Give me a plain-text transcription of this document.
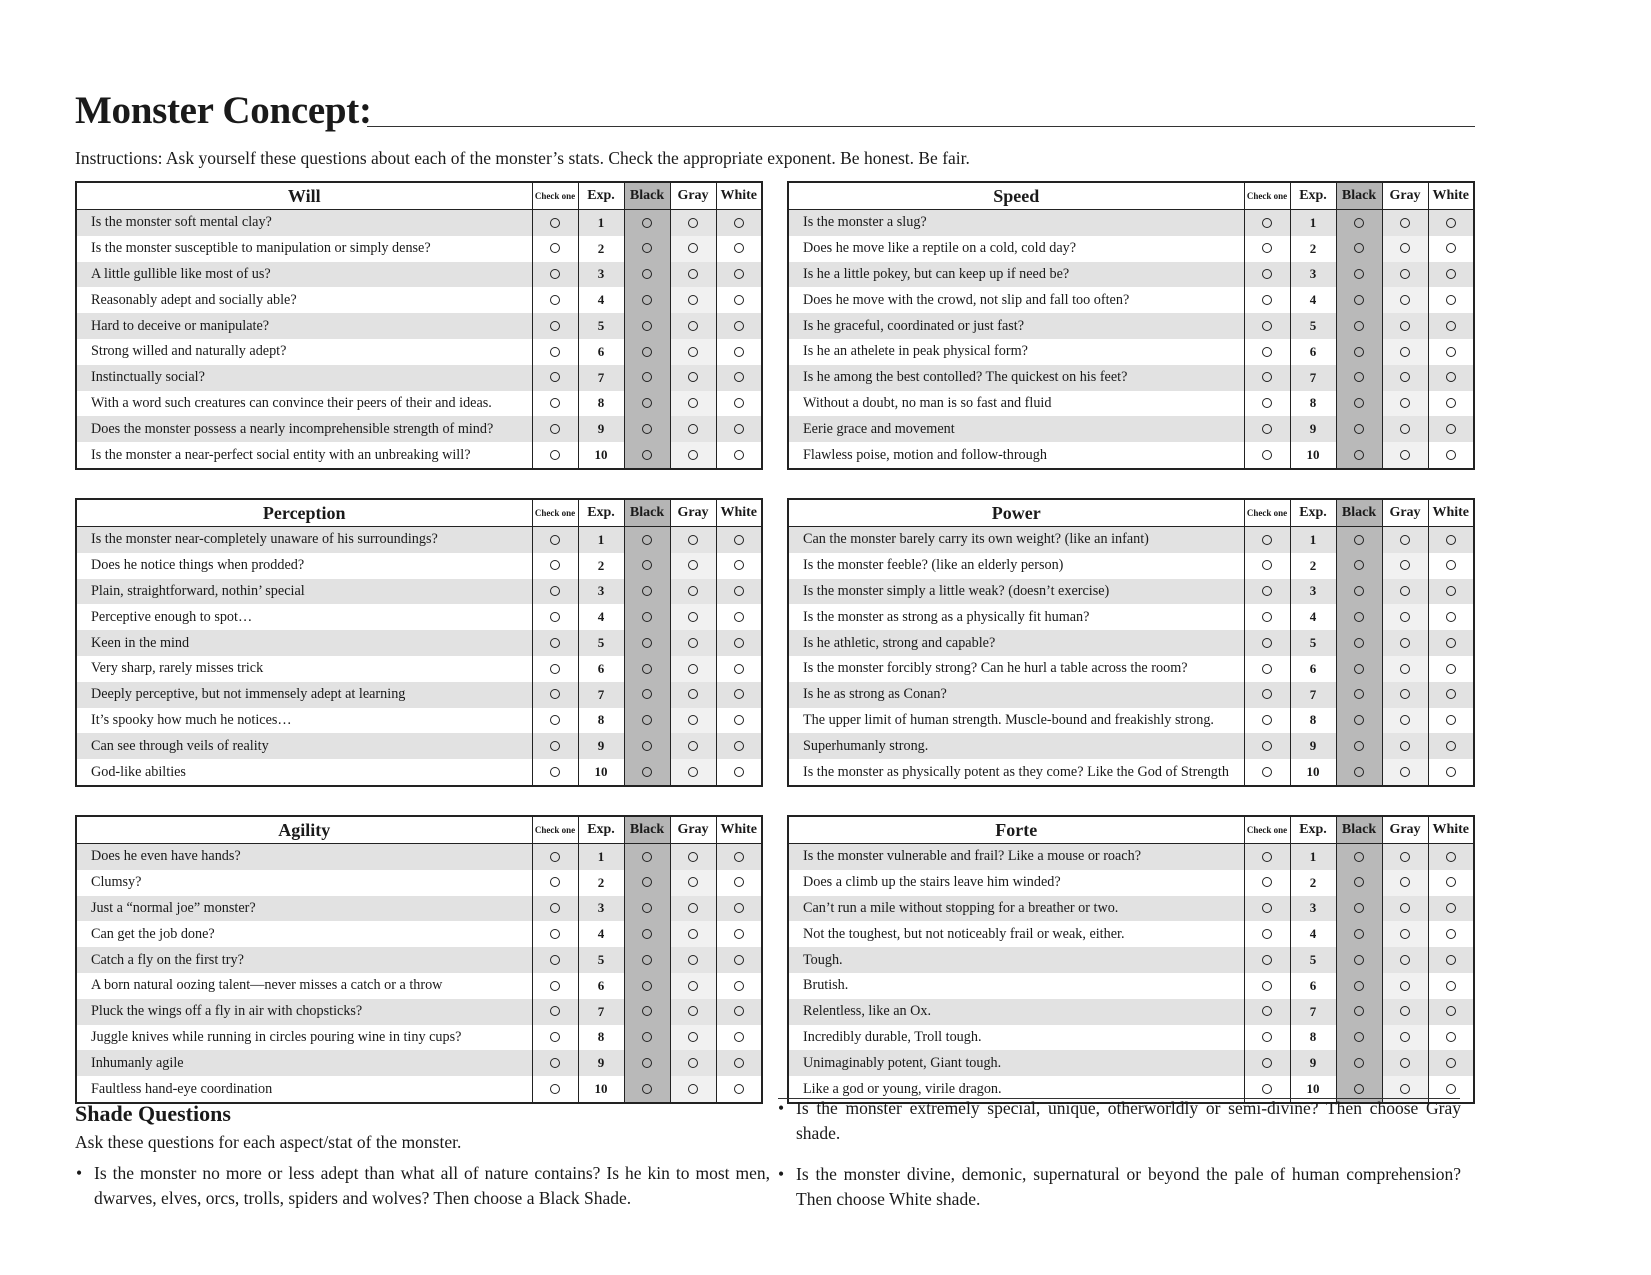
Monster Concept:
Instructions: Ask yourself these questions about each of the monster’s stats. Check the appropriate exponent. Be honest. Be fair.
Will	Check one	Exp.	Black	Gray	White
Is the monster soft mental clay?		1			
Is the monster susceptible to manipulation or simply dense?		2			
A little gullible like most of us?		3			
Reasonably adept and socially able?		4			
Hard to deceive or manipulate?		5			
Strong willed and naturally adept?		6			
Instinctually social?		7			
With a word such creatures can convince their peers of their and ideas.		8			
Does the monster possess a nearly incomprehensible strength of mind?		9			
Is the monster a near-perfect social entity with an unbreaking will?		10			
Speed	Check one	Exp.	Black	Gray	White
Is the monster a slug?		1			
Does he move like a reptile on a cold, cold day?		2			
Is he a little pokey, but can keep up if need be?		3			
Does he move with the crowd, not slip and fall too often?		4			
Is he graceful, coordinated or just fast?		5			
Is he an athelete in peak physical form?		6			
Is he among the best contolled? The quickest on his feet?		7			
Without a doubt, no man is so fast and fluid		8			
Eerie grace and movement		9			
Flawless poise, motion and follow-through		10			
Perception	Check one	Exp.	Black	Gray	White
Is the monster near-completely unaware of his surroundings?		1			
Does he notice things when prodded?		2			
Plain, straightforward, nothin’ special		3			
Perceptive enough to spot…		4			
Keen in the mind		5			
Very sharp, rarely misses trick		6			
Deeply perceptive, but not immensely adept at learning		7			
It’s spooky how much he notices…		8			
Can see through veils of reality		9			
God-like abilties		10			
Power	Check one	Exp.	Black	Gray	White
Can the monster barely carry its own weight? (like an infant)		1			
Is the monster feeble? (like an elderly person)		2			
Is the monster simply a little weak? (doesn’t exercise)		3			
Is the monster as strong as a physically fit human?		4			
Is he athletic, strong and capable?		5			
Is the monster forcibly strong? Can he hurl a table across the room?		6			
Is he as strong as Conan?		7			
The upper limit of human strength. Muscle-bound and freakishly strong.		8			
Superhumanly strong.		9			
Is the monster as physically potent as they come? Like the God of Strength		10			
Agility	Check one	Exp.	Black	Gray	White
Does he even have hands?		1			
Clumsy?		2			
Just a “normal joe” monster?		3			
Can get the job done?		4			
Catch a fly on the first try?		5			
A born natural oozing talent—never misses a catch or a throw		6			
Pluck the wings off a fly in air with chopsticks?		7			
Juggle knives while running in circles pouring wine in tiny cups?		8			
Inhumanly agile		9			
Faultless hand-eye coordination		10			
Forte	Check one	Exp.	Black	Gray	White
Is the monster vulnerable and frail? Like a mouse or roach?		1			
Does a climb up the stairs leave him winded?		2			
Can’t run a mile without stopping for a breather or two.		3			
Not the toughest, but not noticeably frail or weak, either.		4			
Tough.		5			
Brutish.		6			
Relentless, like an Ox.		7			
Incredibly durable, Troll tough.		8			
Unimaginably potent, Giant tough.		9			
Like a god or young, virile dragon.		10			
Shade Questions
Ask these questions for each aspect/stat of the monster.
• Is the monster no more or less adept than what all of nature contains? Is he kin to most men, dwarves, elves, orcs, trolls, spiders and wolves? Then choose a Black Shade.
• Is the monster extremely special, unique, otherworldly or semi-divine? Then choose Gray shade.
• Is the monster divine, demonic, supernatural or beyond the pale of human comprehension? Then choose White shade.
